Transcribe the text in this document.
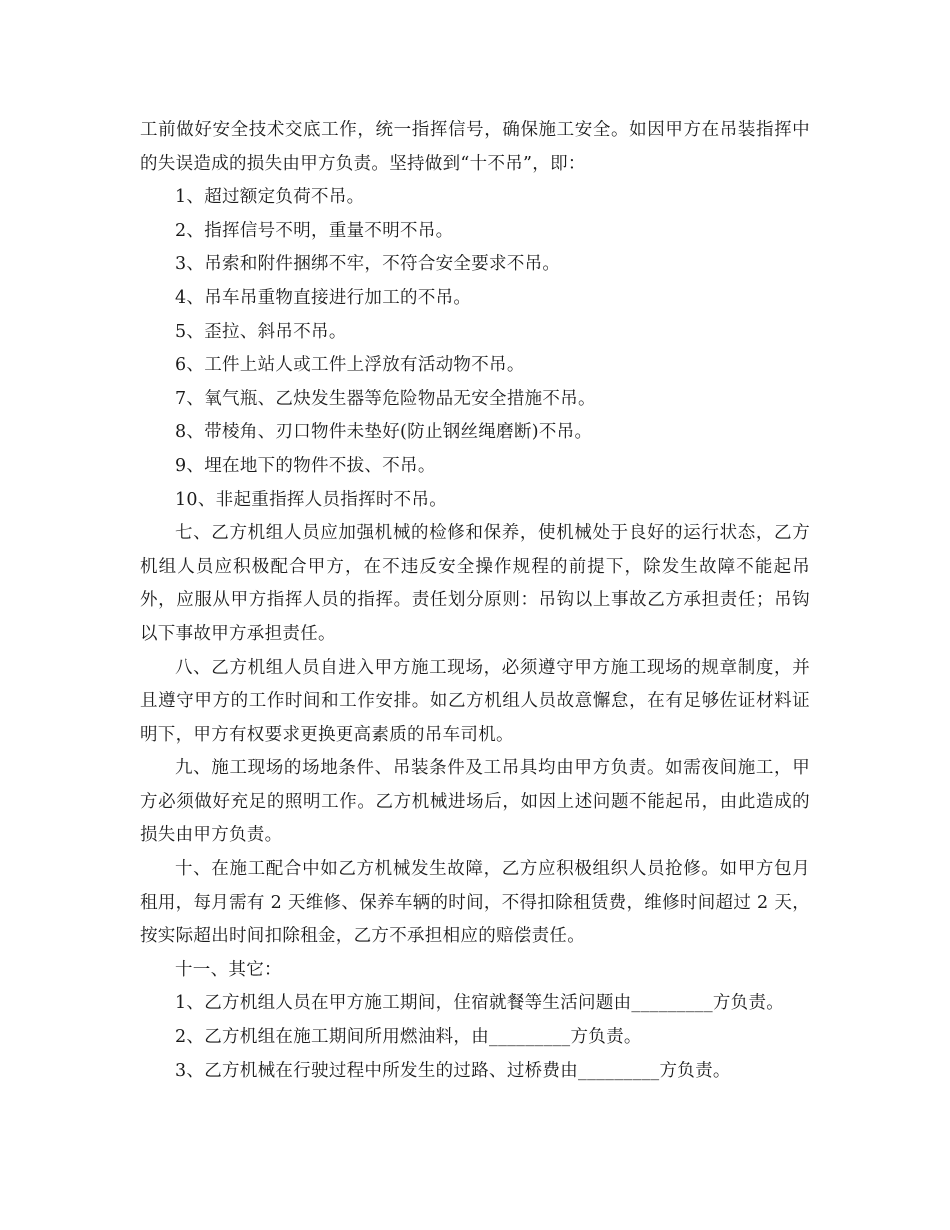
工前做好安全技术交底工作，统一指挥信号，确保施工安全。如因甲方在吊装指挥中的失误造成的损失由甲方负责。坚持做到“十不吊”，即：

1、超过额定负荷不吊。

2、指挥信号不明，重量不明不吊。

3、吊索和附件捆绑不牢，不符合安全要求不吊。

4、吊车吊重物直接进行加工的不吊。

5、歪拉、斜吊不吊。

6、工件上站人或工件上浮放有活动物不吊。

7、氧气瓶、乙炔发生器等危险物品无安全措施不吊。

8、带棱角、刃口物件未垫好(防止钢丝绳磨断)不吊。

9、埋在地下的物件不拔、不吊。

10、非起重指挥人员指挥时不吊。

七、乙方机组人员应加强机械的检修和保养，使机械处于良好的运行状态，乙方机组人员应积极配合甲方，在不违反安全操作规程的前提下，除发生故障不能起吊外，应服从甲方指挥人员的指挥。责任划分原则：吊钩以上事故乙方承担责任；吊钩以下事故甲方承担责任。

八、乙方机组人员自进入甲方施工现场，必须遵守甲方施工现场的规章制度，并且遵守甲方的工作时间和工作安排。如乙方机组人员故意懈怠，在有足够佐证材料证明下，甲方有权要求更换更高素质的吊车司机。

九、施工现场的场地条件、吊装条件及工吊具均由甲方负责。如需夜间施工，甲方必须做好充足的照明工作。乙方机械进场后，如因上述问题不能起吊，由此造成的损失由甲方负责。

十、在施工配合中如乙方机械发生故障，乙方应积极组织人员抢修。如甲方包月租用，每月需有 2 天维修、保养车辆的时间，不得扣除租赁费，维修时间超过 2 天，按实际超出时间扣除租金，乙方不承担相应的赔偿责任。

十一、其它：

1、乙方机组人员在甲方施工期间，住宿就餐等生活问题由_________方负责。

2、乙方机组在施工期间所用燃油料，由_________方负责。

3、乙方机械在行驶过程中所发生的过路、过桥费由_________方负责。
